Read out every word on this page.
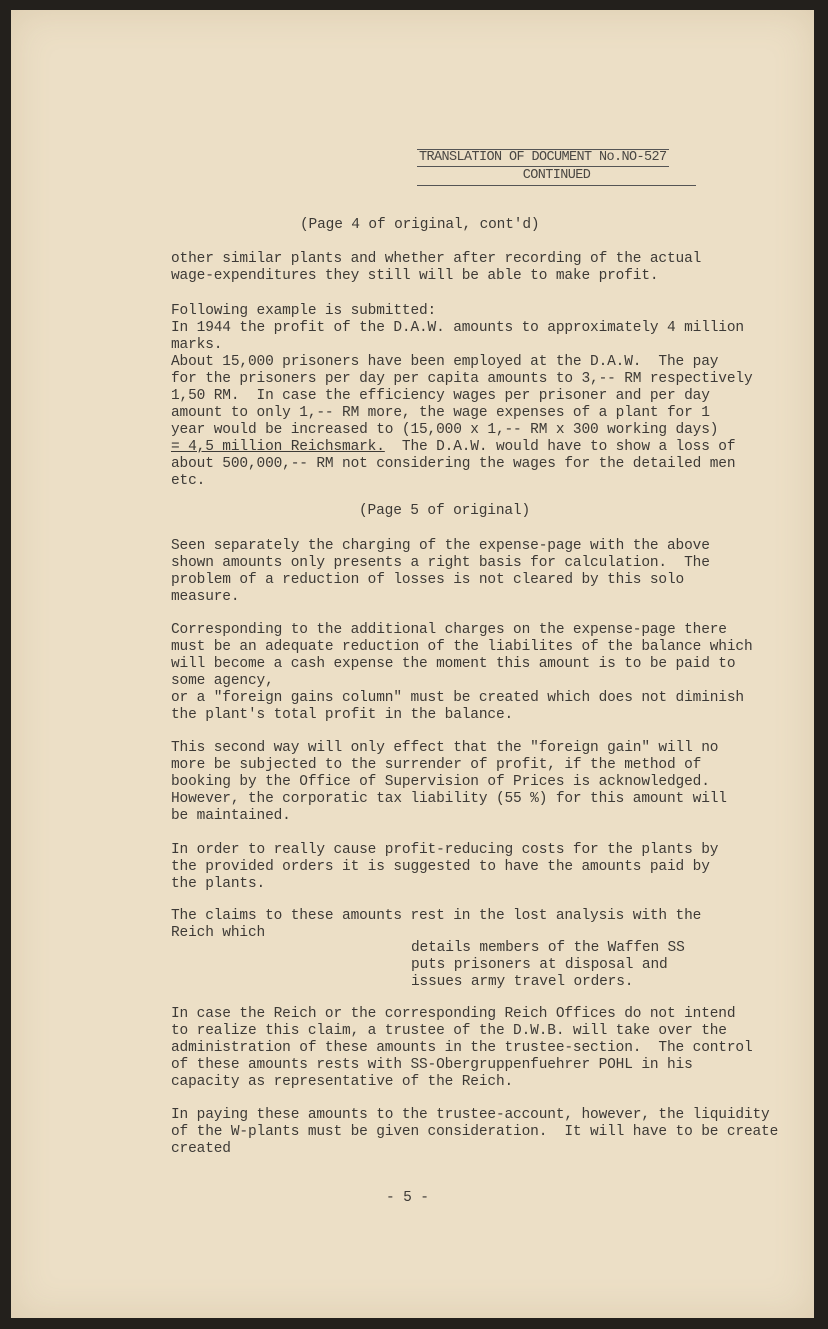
TRANSLATION OF DOCUMENT No.NO-527
CONTINUED
(Page 4 of original, cont'd)
other similar plants and whether after recording of the actual
wage-expenditures they still will be able to make profit.
Following example is submitted:
In 1944 the profit of the D.A.W. amounts to approximately 4 million
marks.
About 15,000 prisoners have been employed at the D.A.W.  The pay
for the prisoners per day per capita amounts to 3,-- RM respectively
1,50 RM.  In case the efficiency wages per prisoner and per day
amount to only 1,-- RM more, the wage expenses of a plant for 1
year would be increased to (15,000 x 1,-- RM x 300 working days)
= 4,5 million Reichsmark.  The D.A.W. would have to show a loss of
about 500,000,-- RM not considering the wages for the detailed men
etc.
(Page 5 of original)
Seen separately the charging of the expense-page with the above
shown amounts only presents a right basis for calculation.  The
problem of a reduction of losses is not cleared by this solo
measure.
Corresponding to the additional charges on the expense-page there
must be an adequate reduction of the liabilites of the balance which
will become a cash expense the moment this amount is to be paid to
some agency,
or a "foreign gains column" must be created which does not diminish
the plant's total profit in the balance.
This second way will only effect that the "foreign gain" will no
more be subjected to the surrender of profit, if the method of
booking by the Office of Supervision of Prices is acknowledged.
However, the corporatic tax liability (55 %) for this amount will
be maintained.
In order to really cause profit-reducing costs for the plants by
the provided orders it is suggested to have the amounts paid by
the plants.
The claims to these amounts rest in the lost analysis with the
Reich which
details members of the Waffen SS
puts prisoners at disposal and
issues army travel orders.
In case the Reich or the corresponding Reich Offices do not intend
to realize this claim, a trustee of the D.W.B. will take over the
administration of these amounts in the trustee-section.  The control
of these amounts rests with SS-Obergruppenfuehrer POHL in his
capacity as representative of the Reich.
In paying these amounts to the trustee-account, however, the liquidity
of the W-plants must be given consideration.  It will have to be create
created
- 5 -
